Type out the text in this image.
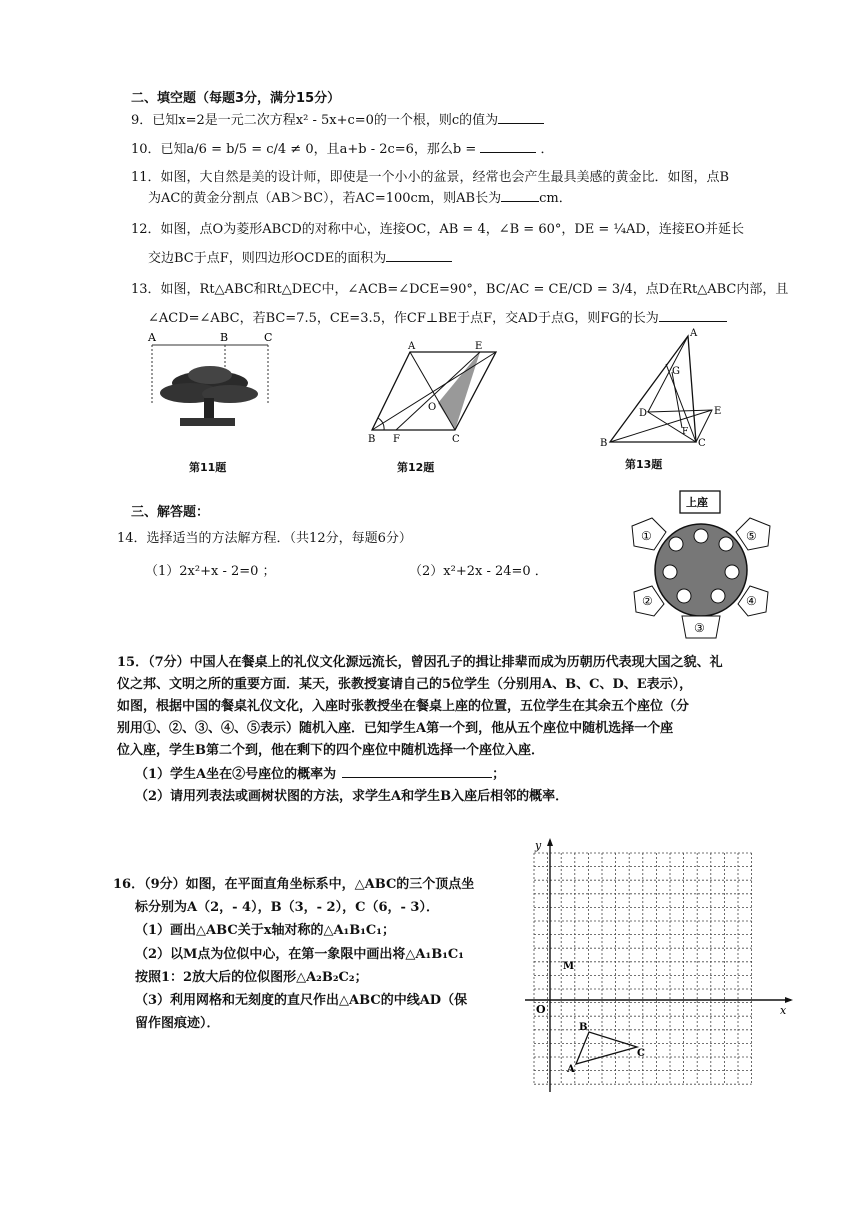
二、填空题（每题3分，满分15分）
9．已知x=2是一元二次方程x² - 5x+c=0的一个根，则c的值为
10．已知a/6 = b/5 = c/4 ≠ 0，且a+b - 2c=6，那么b =	．
11．如图，大自然是美的设计师，即使是一个小小的盆景，经常也会产生最具美感的黄金比．如图，点B
为AC的黄金分割点（AB＞BC），若AC=100cm，则AB长为	cm．
12．如图，点O为菱形ABCD的对称中心，连接OC，AB = 4，∠B = 60°，DE = ¼AD，连接EO并延长
交边BC于点F，则四边形OCDE的面积为
13．如图，Rt△ABC和Rt△DEC中，∠ACB=∠DCE=90°，BC/AC = CE/CD = 3/4，点D在Rt△ABC内部，且
∠ACD=∠ABC，若BC=7.5，CE=3.5，作CF⊥BE于点F，交AD于点G，则FG的长为
A	B	C
第11题
A	E
O
B F	C
第12题
A
G
D	E
F
B	C
第13题
三、解答题：
14．选择适当的方法解方程．（共12分，每题6分）
（1）2x²+x - 2=0 ；	（2）x²+2x - 24=0 ．
上座
①
②
③
④
⑤
15．（7分）中国人在餐桌上的礼仪文化源远流长，曾因孔子的揖让排辈而成为历朝历代表现大国之貌、礼
仪之邦、文明之所的重要方面．某天，张教授宴请自己的5位学生（分别用A、B、C、D、E表示），
如图，根据中国的餐桌礼仪文化，入座时张教授坐在餐桌上座的位置，五位学生在其余五个座位（分
别用①、②、③、④、⑤表示）随机入座．已知学生A第一个到，他从五个座位中随机选择一个座
位入座，学生B第二个到，他在剩下的四个座位中随机选择一个座位入座．
（1）学生A坐在②号座位的概率为	；
（2）请用列表法或画树状图的方法，求学生A和学生B入座后相邻的概率．
16．（9分）如图，在平面直角坐标系中，△ABC的三个顶点坐
标分别为A（2，- 4），B（3，- 2），C（6，- 3）．
（1）画出△ABC关于x轴对称的△A₁B₁C₁；
（2）以M点为位似中心，在第一象限中画出将△A₁B₁C₁
按照1：2放大后的位似图形△A₂B₂C₂；
（3）利用网格和无刻度的直尺作出△ABC的中线AD（保
留作图痕迹）．
y
x
O
M
A
B
C
